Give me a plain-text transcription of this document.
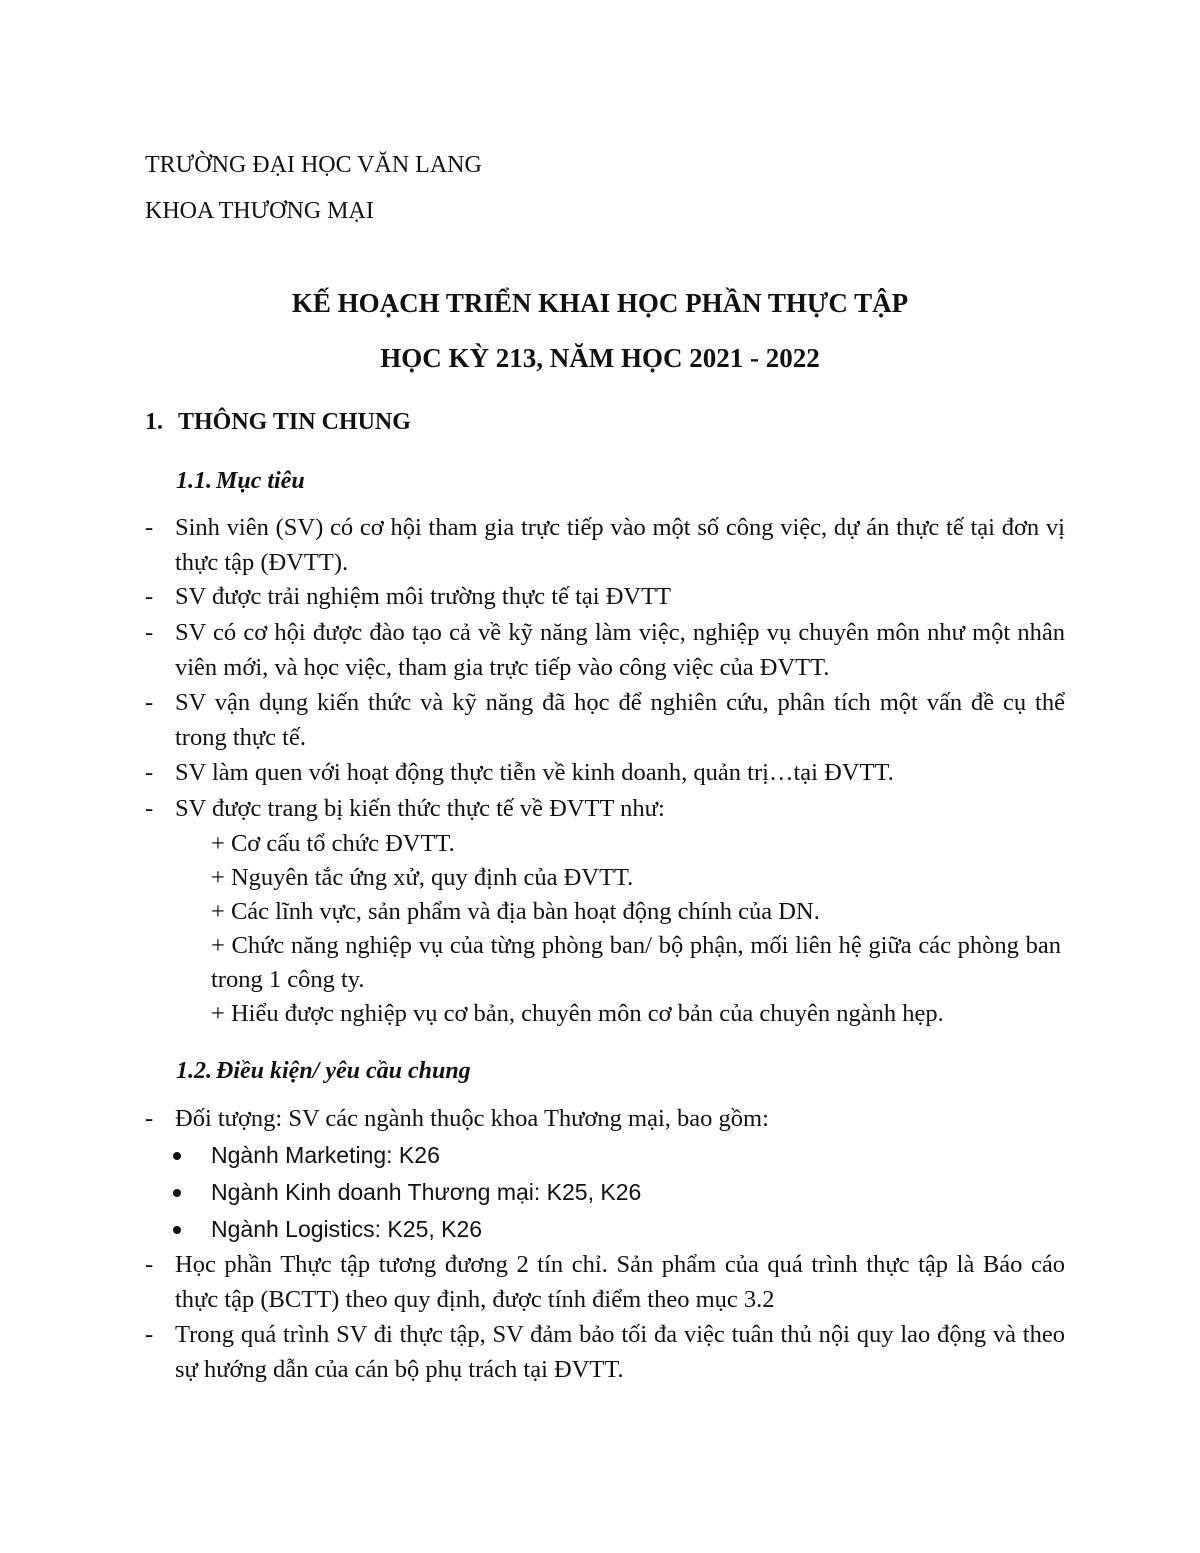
TRƯỜNG ĐẠI HỌC VĂN LANG
KHOA THƯƠNG MẠI
KẾ HOẠCH TRIỂN KHAI HỌC PHẦN THỰC TẬP
HỌC KỲ 213, NĂM HỌC 2021 - 2022
1. THÔNG TIN CHUNG
1.1. Mục tiêu
- Sinh viên (SV) có cơ hội tham gia trực tiếp vào một số công việc, dự án thực tế tại đơn vị thực tập (ĐVTT).
- SV được trải nghiệm môi trường thực tế tại ĐVTT
- SV có cơ hội được đào tạo cả về kỹ năng làm việc, nghiệp vụ chuyên môn như một nhân viên mới, và học việc, tham gia trực tiếp vào công việc của ĐVTT.
- SV vận dụng kiến thức và kỹ năng đã học để nghiên cứu, phân tích một vấn đề cụ thể trong thực tế.
- SV làm quen với hoạt động thực tiễn về kinh doanh, quản trị…tại ĐVTT.
- SV được trang bị kiến thức thực tế về ĐVTT như:
+ Cơ cấu tổ chức ĐVTT.
+ Nguyên tắc ứng xử, quy định của ĐVTT.
+ Các lĩnh vực, sản phẩm và địa bàn hoạt động chính của DN.
+ Chức năng nghiệp vụ của từng phòng ban/ bộ phận, mối liên hệ giữa các phòng ban trong 1 công ty.
+ Hiểu được nghiệp vụ cơ bản, chuyên môn cơ bản của chuyên ngành hẹp.
1.2. Điều kiện/ yêu cầu chung
- Đối tượng: SV các ngành thuộc khoa Thương mại, bao gồm:
Ngành Marketing: K26
Ngành Kinh doanh Thương mại: K25, K26
Ngành Logistics: K25, K26
- Học phần Thực tập tương đương 2 tín chỉ. Sản phẩm của quá trình thực tập là Báo cáo thực tập (BCTT) theo quy định, được tính điểm theo mục 3.2
- Trong quá trình SV đi thực tập, SV đảm bảo tối đa việc tuân thủ nội quy lao động và theo sự hướng dẫn của cán bộ phụ trách tại ĐVTT.
